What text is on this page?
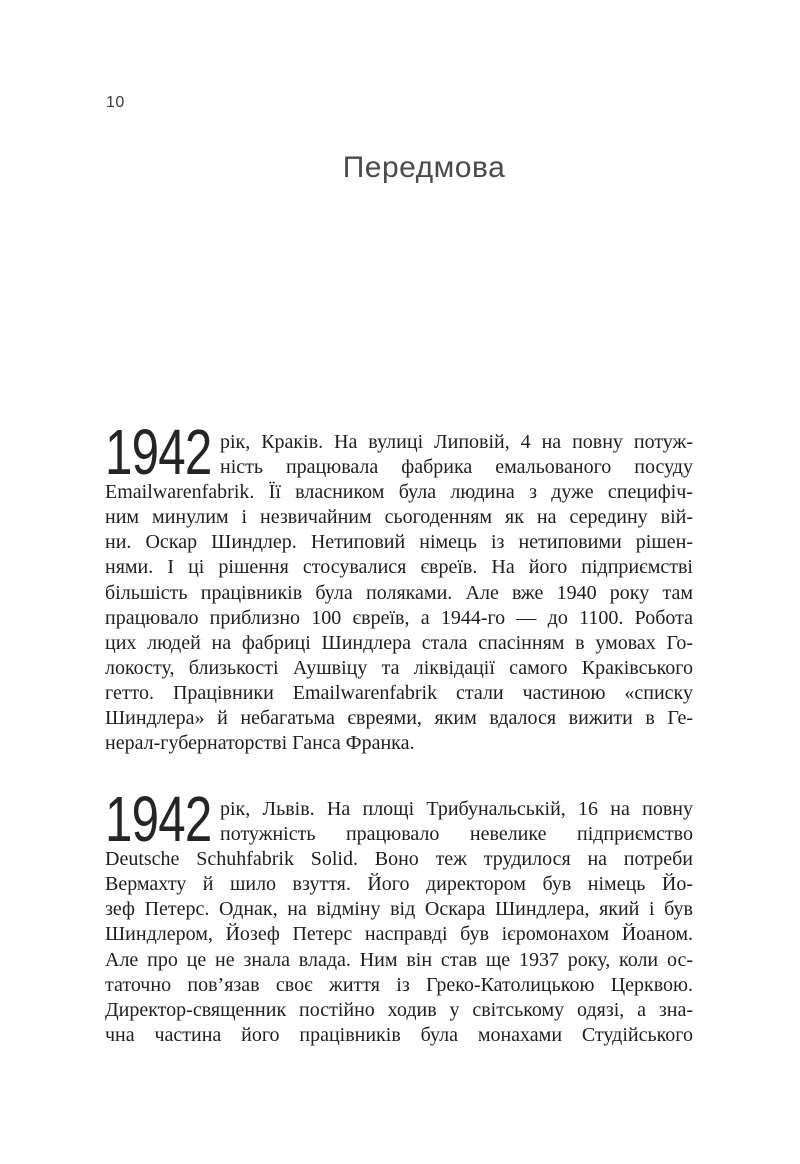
10
Передмова
1942 рік, Краків. На вулиці Липовій, 4 на повну потуж-
ність працювала фабрика емальованого посуду
Emailwarenfabrik. Її власником була людина з дуже специфіч-
ним минулим і незвичайним сьогоденням як на середину вій-
ни. Оскар Шиндлер. Нетиповий німець із нетиповими рішен-
нями. І ці рішення стосувалися євреїв. На його підприємстві
більшість працівників була поляками. Але вже 1940 року там
працювало приблизно 100 євреїв, а 1944-го — до 1100. Робота
цих людей на фабриці Шиндлера стала спасінням в умовах Го-
локосту, близькості Аушвіцу та ліквідації самого Краківського
гетто. Працівники Emailwarenfabrik стали частиною «списку
Шиндлера» й небагатьма євреями, яким вдалося вижити в Ге-
нерал-губернаторстві Ганса Франка.
1942 рік, Львів. На площі Трибунальській, 16 на повну
потужність працювало невелике підприємство
Deutsche Schuhfabrik Solid. Воно теж трудилося на потреби
Вермахту й шило взуття. Його директором був німець Йо-
зеф Петерс. Однак, на відміну від Оскара Шиндлера, який і був
Шиндлером, Йозеф Петерс насправді був ієромонахом Йоаном.
Але про це не знала влада. Ним він став ще 1937 року, коли ос-
таточно пов’язав своє життя із Греко-Католицькою Церквою.
Директор-священник постійно ходив у світському одязі, а зна-
чна частина його працівників була монахами Студійського
